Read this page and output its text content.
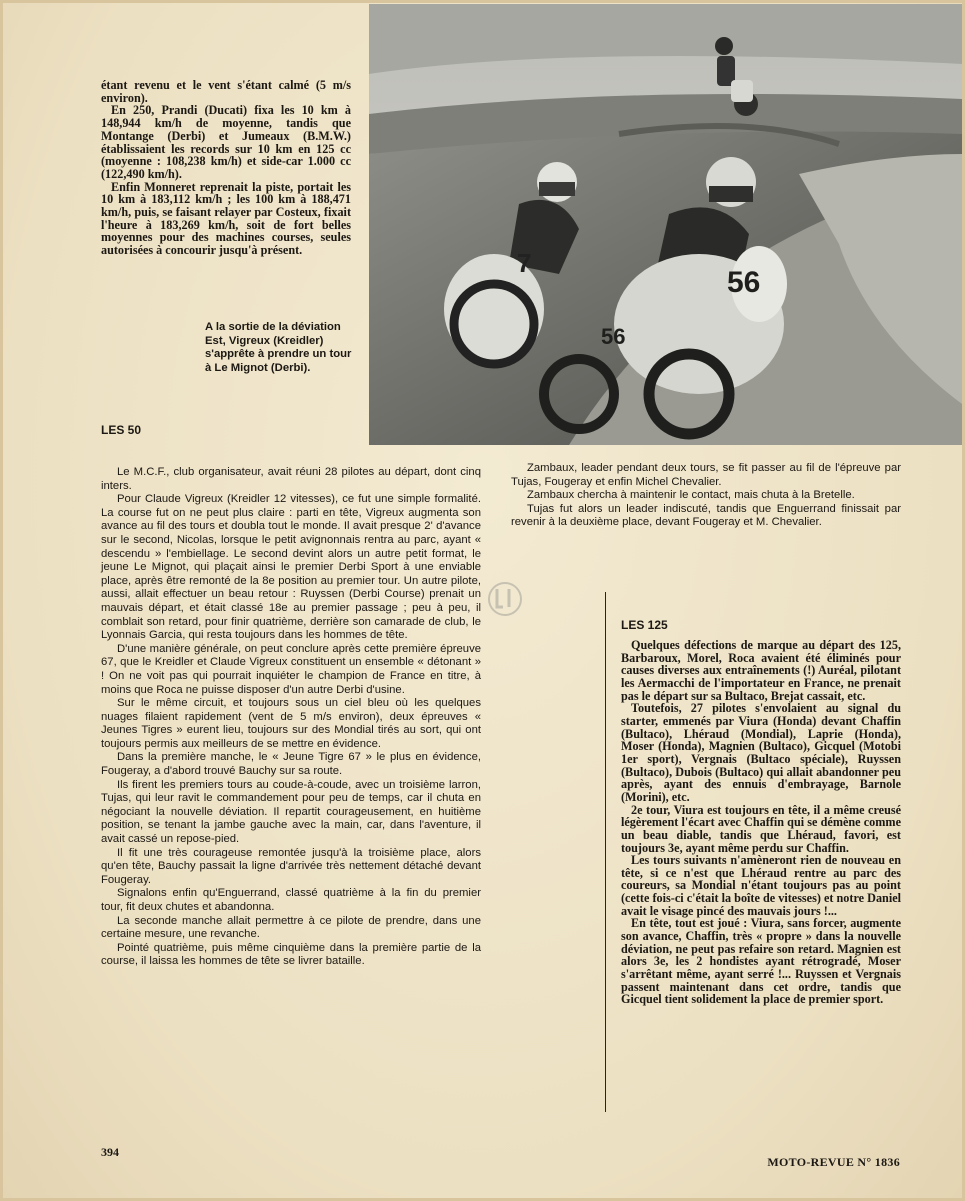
7
56
56

étant revenu et le vent s'étant calmé (5 m/s environ).

En 250, Prandi (Ducati) fixa les 10 km à 148,944 km/h de moyenne, tandis que Montange (Derbi) et Jumeaux (B.M.W.) établissaient les records sur 10 km en 125 cc (moyenne : 108,238 km/h) et side-car 1.000 cc (122,490 km/h).

Enfin Monneret reprenait la piste, portait les 10 km à 183,112 km/h ; les 100 km à 188,471 km/h, puis, se faisant relayer par Costeux, fixait l'heure à 183,269 km/h, soit de fort belles moyennes pour des machines courses, seules autorisées à concourir jusqu'à présent.

A la sortie de la déviation Est, Vigreux (Kreidler) s'apprête à prendre un tour à Le Mignot (Derbi).
LES 50

Le M.C.F., club organisateur, avait réuni 28 pilotes au départ, dont cinq inters.

Pour Claude Vigreux (Kreidler 12 vitesses), ce fut une simple formalité. La course fut on ne peut plus claire : parti en tête, Vigreux augmenta son avance au fil des tours et doubla tout le monde. Il avait presque 2' d'avance sur le second, Nicolas, lorsque le petit avignonnais rentra au parc, ayant « descendu » l'embiellage. Le second devint alors un autre petit format, le jeune Le Mignot, qui plaçait ainsi le premier Derbi Sport à une enviable place, après être remonté de la 8e position au premier tour. Un autre pilote, aussi, allait effectuer un beau retour : Ruyssen (Derbi Course) prenait un mauvais départ, et était classé 18e au premier passage ; peu à peu, il comblait son retard, pour finir quatrième, derrière son camarade de club, le Lyonnais Garcia, qui resta toujours dans les hommes de tête.

D'une manière générale, on peut conclure après cette première épreuve 67, que le Kreidler et Claude Vigreux constituent un ensemble « détonant » ! On ne voit pas qui pourrait inquiéter le champion de France en titre, à moins que Roca ne puisse disposer d'un autre Derbi d'usine.

Sur le même circuit, et toujours sous un ciel bleu où les quelques nuages filaient rapidement (vent de 5 m/s environ), deux épreuves « Jeunes Tigres » eurent lieu, toujours sur des Mondial tirés au sort, qui ont toujours permis aux meilleurs de se mettre en évidence.

Dans la première manche, le « Jeune Tigre 67 » le plus en évidence, Fougeray, a d'abord trouvé Bauchy sur sa route.

Ils firent les premiers tours au coude-à-coude, avec un troisième larron, Tujas, qui leur ravit le commandement pour peu de temps, car il chuta en négociant la nouvelle déviation. Il repartit courageusement, en huitième position, se tenant la jambe gauche avec la main, car, dans l'aventure, il avait cassé un repose-pied.

Il fit une très courageuse remontée jusqu'à la troisième place, alors qu'en tête, Bauchy passait la ligne d'arrivée très nettement détaché devant Fougeray.

Signalons enfin qu'Enguerrand, classé quatrième à la fin du premier tour, fit deux chutes et abandonna.

La seconde manche allait permettre à ce pilote de prendre, dans une certaine mesure, une revanche.

Pointé quatrième, puis même cinquième dans la première partie de la course, il laissa les hommes de tête se livrer bataille.

Zambaux, leader pendant deux tours, se fit passer au fil de l'épreuve par Tujas, Fougeray et enfin Michel Chevalier.

Zambaux chercha à maintenir le contact, mais chuta à la Bretelle.

Tujas fut alors un leader indiscuté, tandis que Enguerrand finissait par revenir à la deuxième place, devant Fougeray et M. Chevalier.

LES 125

Quelques défections de marque au départ des 125, Barbaroux, Morel, Roca avaient été éliminés pour causes diverses aux entraînements (!) Auréal, pilotant les Aermacchi de l'importateur en France, ne prenait pas le départ sur sa Bultaco, Brejat cassait, etc.

Toutefois, 27 pilotes s'envolaient au signal du starter, emmenés par Viura (Honda) devant Chaffin (Bultaco), Lhéraud (Mondial), Laprie (Honda), Moser (Honda), Magnien (Bultaco), Gicquel (Motobi 1er sport), Vergnais (Bultaco spéciale), Ruyssen (Bultaco), Dubois (Bultaco) qui allait abandonner peu après, ayant des ennuis d'embrayage, Barnole (Morini), etc.

2e tour, Viura est toujours en tête, il a même creusé légèrement l'écart avec Chaffin qui se démène comme un beau diable, tandis que Lhéraud, favori, est toujours 3e, ayant même perdu sur Chaffin.

Les tours suivants n'amèneront rien de nouveau en tête, si ce n'est que Lhéraud rentre au parc des coureurs, sa Mondial n'étant toujours pas au point (cette fois-ci c'était la boîte de vitesses) et notre Daniel avait le visage pincé des mauvais jours !...

En tête, tout est joué : Viura, sans forcer, augmente son avance, Chaffin, très « propre » dans la nouvelle déviation, ne peut pas refaire son retard. Magnien est alors 3e, les 2 hondistes ayant rétrogradé, Moser s'arrêtant même, ayant serré !... Ruyssen et Vergnais passent maintenant dans cet ordre, tandis que Gicquel tient solidement la place de premier sport.

394
MOTO-REVUE N° 1836
